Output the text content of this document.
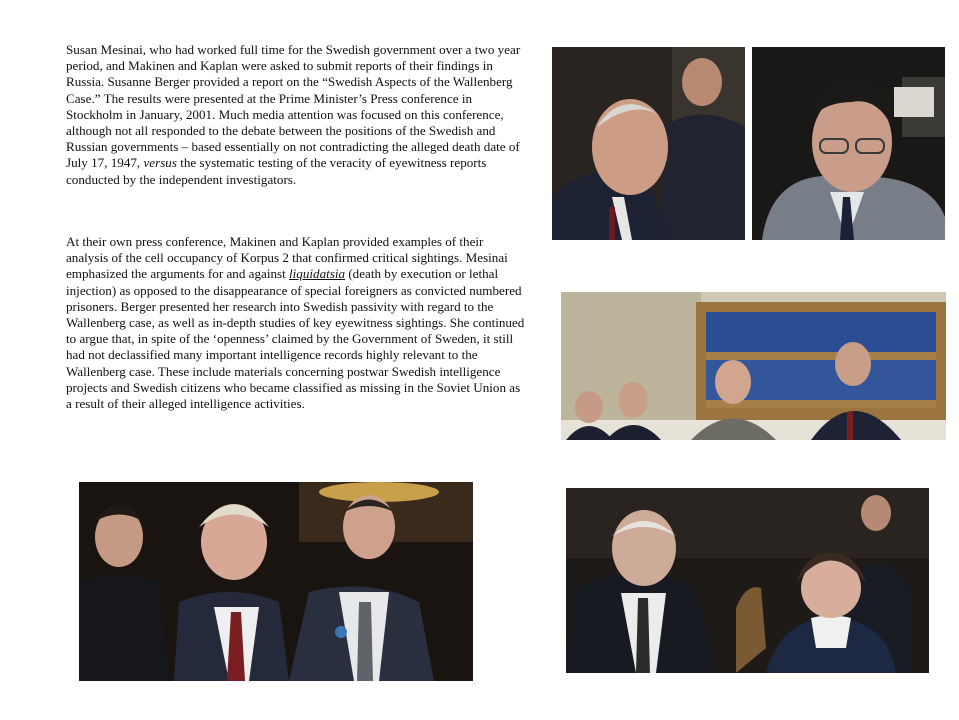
Susan Mesinai, who had worked full time for the Swedish government over a two year period, and Makinen and Kaplan were asked to submit reports of their findings in Russia. Susanne Berger provided a report on the “Swedish Aspects of the Wallenberg Case.” The results were presented at the Prime Minister’s Press conference in Stockholm in January, 2001. Much media attention was focused on this conference, although not all responded to the debate between the positions of the Swedish and Russian governments – based essentially on not contradicting the alleged death date of July 17, 1947, versus the systematic testing of the veracity of eyewitness reports conducted by the independent investigators.

At their own press conference, Makinen and Kaplan provided examples of their analysis of the cell occupancy of Korpus 2 that confirmed critical sightings. Mesinai emphasized the arguments for and against liquidatsia (death by execution or lethal injection) as opposed to the disappearance of special foreigners as convicted numbered prisoners. Berger presented her research into Swedish passivity with regard to the Wallenberg case, as well as in-depth studies of key eyewitness sightings. She continued to argue that, in spite of the ‘openness’ claimed by the Government of Sweden, it still had not declassified many important intelligence records highly relevant to the Wallenberg case. These include materials concerning postwar Swedish intelligence projects and Swedish citizens who became classified as missing in the Soviet Union as a result of their alleged intelligence activities.
